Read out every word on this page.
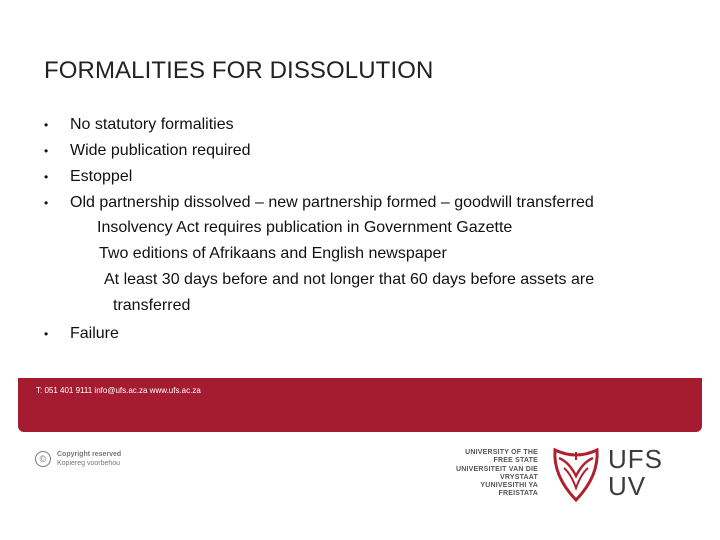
FORMALITIES FOR DISSOLUTION
•	No statutory formalities
•	Wide publication required
•	Estoppel
•	Old partnership dissolved – new partnership formed – goodwill transferred
Insolvency Act requires publication in Government Gazette
Two editions of Afrikaans and English newspaper
At least 30 days before and not longer that 60 days before assets are
transferred
•	Failure
T: 051 401 9111 info@ufs.ac.za www.ufs.ac.za
©	Copyright reserved
Kopiereg voorbehou
UNIVERSITY OF THE
FREE STATE
UNIVERSITEIT VAN DIE
VRYSTAAT
YUNIVESITHI YA
FREISTATA
UFS
UV
